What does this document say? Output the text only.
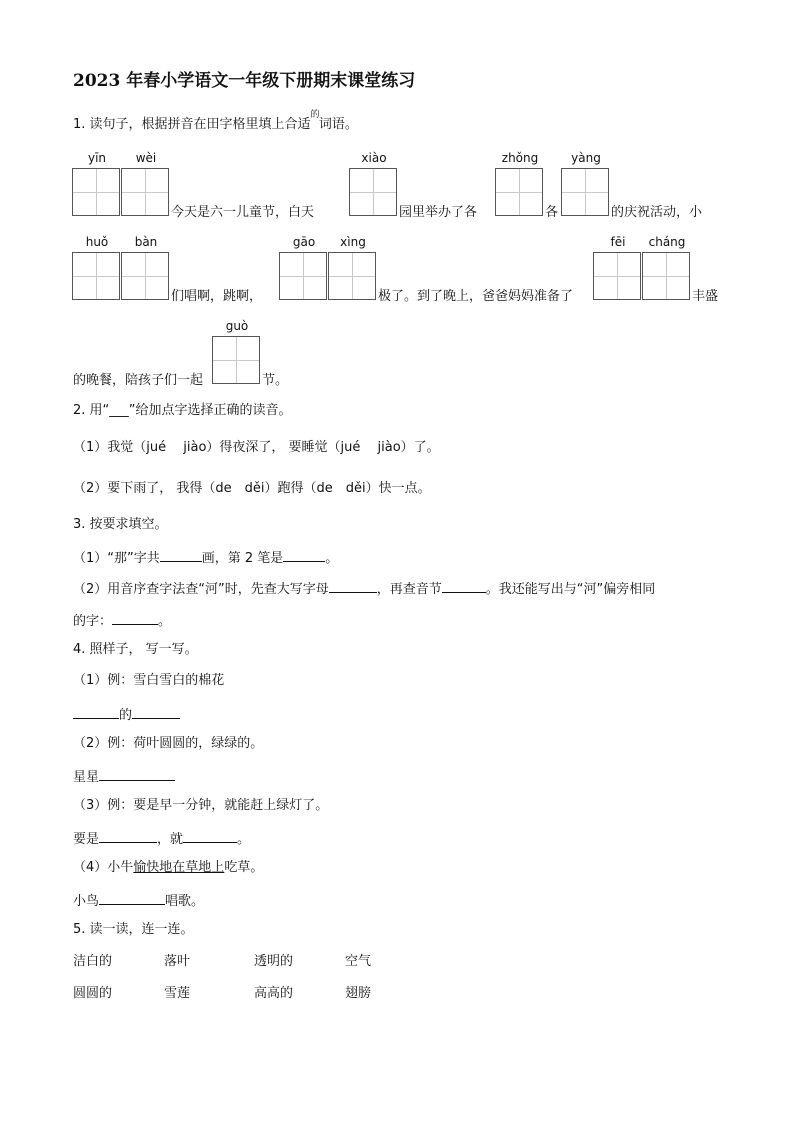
2023 年春小学语文一年级下册期末课堂练习
1. 读句子，根据拼音在田字格里填上合适
的
词语。
yīn	wèi	xiào	zhǒng	yàng
今天是六一儿童节，白天	园里举办了各	各	的庆祝活动，小
huǒ	bàn	gāo	xìng	fēi	cháng
们唱啊，跳啊，	极了。到了晚上，爸爸妈妈准备了	丰盛
guò
的晚餐，陪孩子们一起	节。
2. 用“___”给加点字选择正确的读音。
（1）我觉（jué　 jiào）得夜深了， 要睡觉（jué　 jiào）了。
（2）要下雨了， 我得（de　děi）跑得（de　děi）快一点。
3. 按要求填空。
（1）“那”字共	画，第 2 笔是	。
（2）用音序查字法查“河”时，先查大写字母	，再查音节	。我还能写出与“河”偏旁相同
的字：	。
4. 照样子， 写一写。
（1）例：雪白雪白的棉花
的
（2）例：荷叶圆圆的，绿绿的。
星星
（3）例：要是早一分钟，就能赶上绿灯了。
要是	，就	。
（4）小牛愉快地在草地上吃草。
小鸟	唱歌。
5. 读一读，连一连。
洁白的	落叶	透明的	空气
圆圆的	雪莲	高高的	翅膀
